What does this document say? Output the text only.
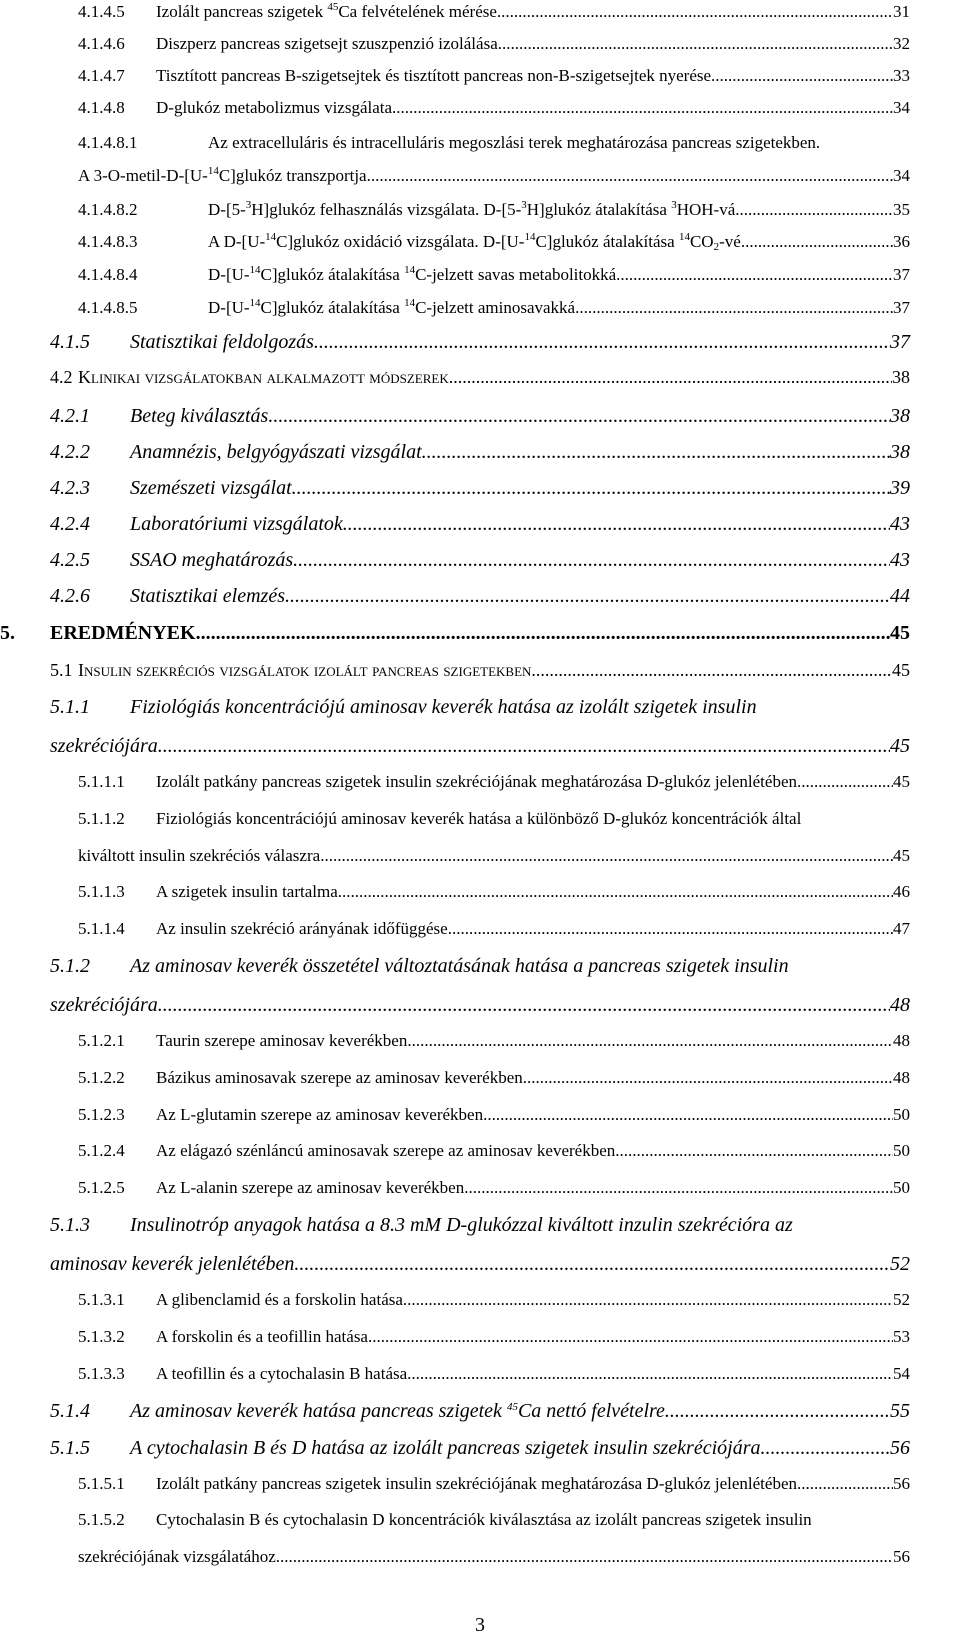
4.1.4.5 Izolált pancreas szigetek $^{45}$Ca felvételének mérése .....	31
4.1.4.6 Diszperz pancreas szigetsejt szuszpenzió izolálása .....	32
4.1.4.7 Tisztított pancreas B-szigetsejtek és tisztított pancreas non-B-szigetsejtek nyerése .....	33
4.1.4.8 D-glukóz metabolizmus vizsgálata .....	34
4.1.4.8.1	Az extracelluláris és intracelluláris megoszlási terek meghatározása pancreas szigetekben.
A 3-O-metil-D-[U-$^{14}$C]glukóz transzportja .....	34
4.1.4.8.2	D-[5-$^3$H]glukóz felhasználás vizsgálata. D-[5-$^3$H]glukóz átalakítása $^3$HOH-vá .....	35
4.1.4.8.3	A D-[U-$^{14}$C]glukóz oxidáció vizsgálata. D-[U-$^{14}$C]glukóz átalakítása $^{14}CO_2-vé$ .....	36
4.1.4.8.4	D-[U-$^{14}$C]glukóz átalakítása $^{14}$C-jelzett savas metabolitokká .....	37
4.1.4.8.5	D-[U-$^{14}$C]glukóz átalakítása $^{14}$C-jelzett aminosavakká .....	37
4.1.5 Statisztikai feldolgozás .....	37
4.2 Klinikai vizsgálatokban alkalmazott módszerek .....	38
4.2.1 Beteg kiválasztás .....	38
4.2.2 Anamnézis, belgyógyászati vizsgálat .....	38
4.2.3 Szemészeti vizsgálat .....	39
4.2.4 Laboratóriumi vizsgálatok .....	43
4.2.5 SSAO meghatározás .....	43
4.2.6 Statisztikai elemzés .....	44
5. EREDMÉNYEK .....	45
5.1 Insulin szekréciós vizsgálatok izolált pancreas szigetekben .....	45
5.1.1 Fiziológiás koncentrációjú aminosav keverék hatása az izolált szigetek insulin
szekréciójára .....	45
5.1.1.1 Izolált patkány pancreas szigetek insulin szekréciójának meghatározása D-glukóz jelenlétében. .....	45
5.1.1.2 Fiziológiás koncentrációjú aminosav keverék hatása a különböző D-glukóz koncentrációk által
kiváltott insulin szekréciós válaszra .....	45
5.1.1.3 A szigetek insulin tartalma .....	46
5.1.1.4 Az insulin szekréció arányának időfüggése .....	47
5.1.2 Az aminosav keverék összetétel változtatásának hatása a pancreas szigetek insulin
szekréciójára .....	48
5.1.2.1 Taurin szerepe aminosav keverékben .....	48
5.1.2.2 Bázikus aminosavak szerepe az aminosav keverékben .....	48
5.1.2.3 Az L-glutamin szerepe az aminosav keverékben .....	50
5.1.2.4 Az elágazó szénláncú aminosavak szerepe az aminosav keverékben .....	50
5.1.2.5 Az L-alanin szerepe az aminosav keverékben .....	50
5.1.3 Insulinotróp anyagok hatása a 8.3 mM D-glukózzal kiváltott inzulin szekrécióra az
aminosav keverék jelenlétében .....	52
5.1.3.1 A glibenclamid és a forskolin hatása .....	52
5.1.3.2 A forskolin és a teofillin hatása .....	53
5.1.3.3 A teofillin és a cytochalasin B hatása .....	54
5.1.4 Az aminosav keverék hatása pancreas szigetek $^{45}$Ca nettó felvételre .....	55
5.1.5 A cytochalasin B és D hatása az izolált pancreas szigetek insulin szekréciójára .....	56
5.1.5.1 Izolált patkány pancreas szigetek insulin szekréciójának meghatározása D-glukóz jelenlétében. .....	56
5.1.5.2 Cytochalasin B és cytochalasin D koncentrációk kiválasztása az izolált pancreas szigetek insulin
szekréciójának vizsgálatához .....	56
3
